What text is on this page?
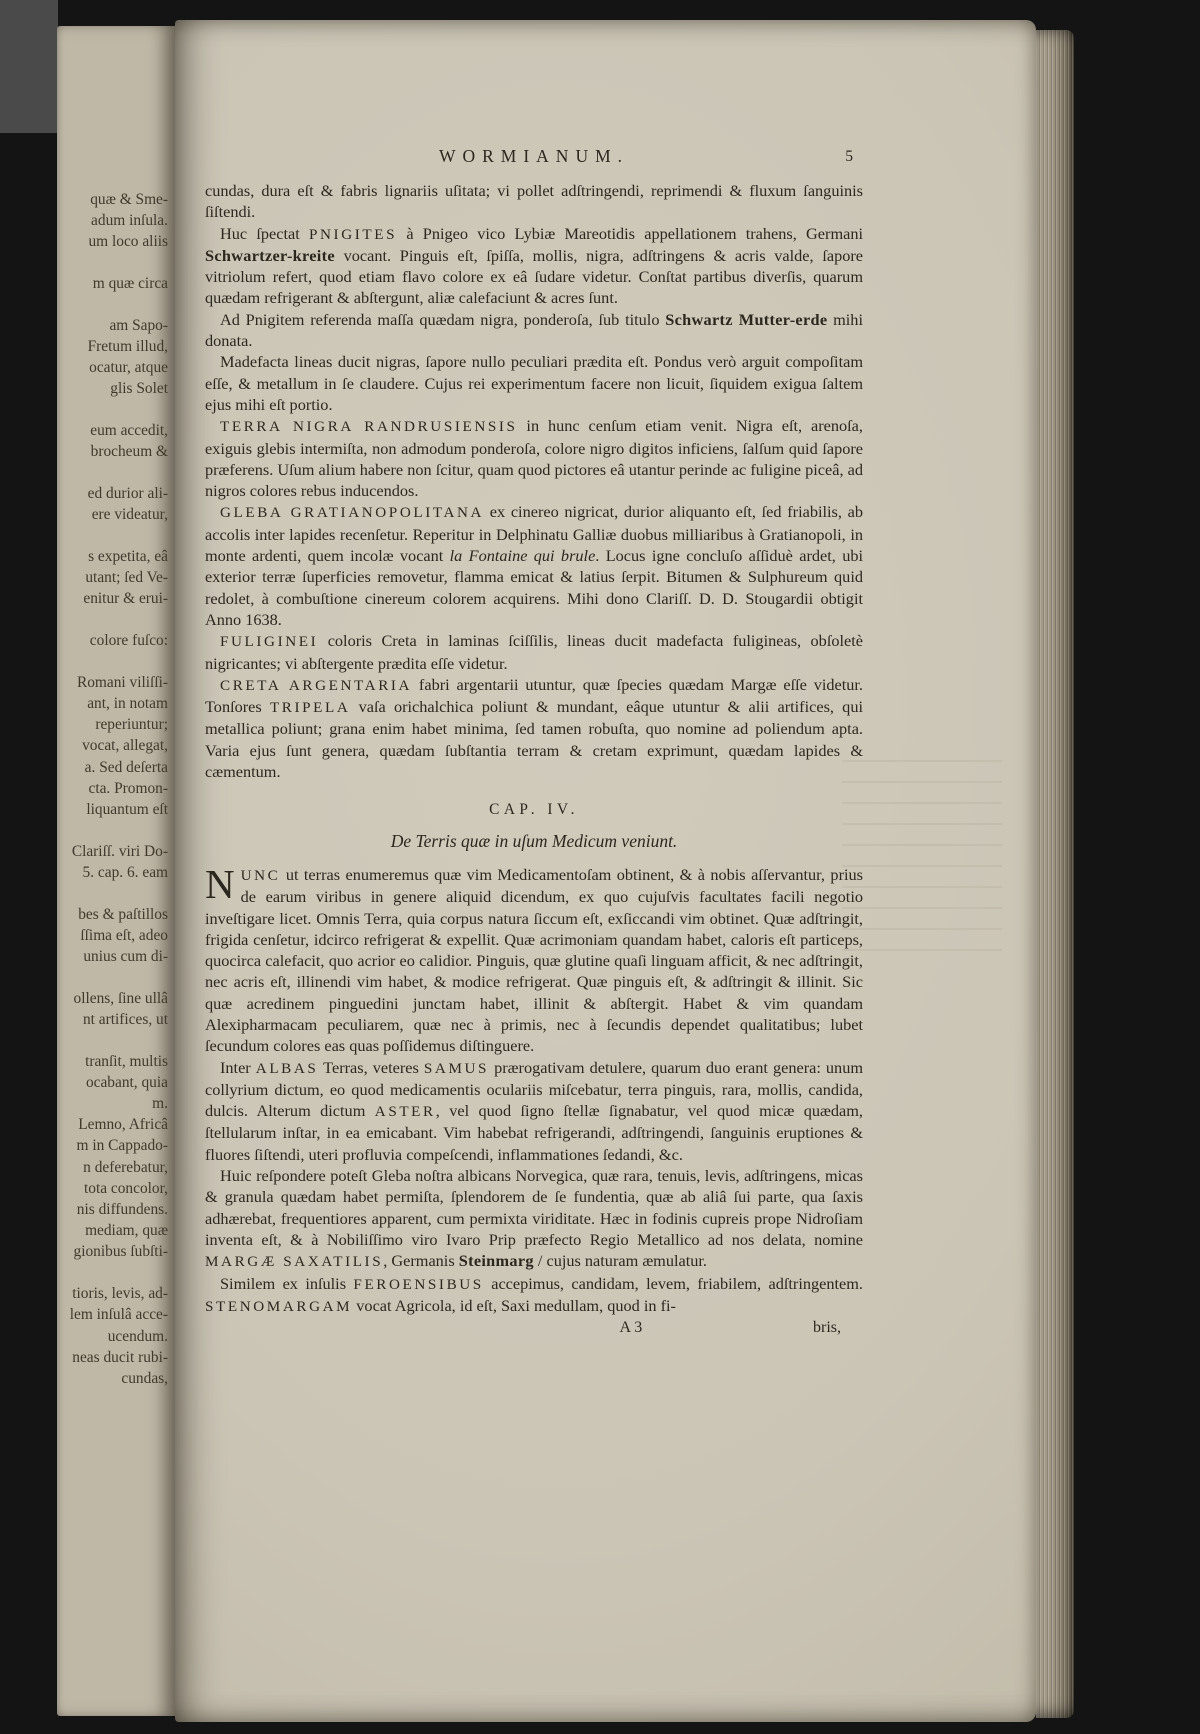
quæ & Sme-
adum inſula.
um loco aliis
m quæ circa
am Sapo-
Fretum illud,
ocatur, atque
glis Solet
eum accedit,
brocheum &
ed durior ali-
ere videatur,
s expetita, eâ
utant; ſed Ve-
enitur & erui-
colore fuſco:
Romani viliſſi-
ant, in notam
reperiuntur;
vocat, allegat,
a. Sed deſerta
cta. Promon-
liquantum eſt
Clariſſ. viri Do-
5. cap. 6. eam
bes & paſtillos
ſſima eſt, adeo
unius cum di-
ollens, ſine ullâ
nt artifices, ut
tranſit, multis
ocabant, quia
m.
Lemno, Africâ
m in Cappado-
n deferebatur,
tota concolor,
nis diffundens.
mediam, quæ
gionibus ſubſti-
tioris, levis, ad-
lem inſulâ acce-
ucendum.
neas ducit rubi-
cundas,
WORMIANUM.	5

cundas, dura eſt & fabris lignariis uſitata; vi pollet adſtringendi, reprimendi & fluxum ſanguinis ſiſtendi.

Huc ſpectat PNIGITES à Pnigeo vico Lybiæ Mareotidis appellationem trahens, Germani Schwartzer-kreite vocant. Pinguis eſt, ſpiſſa, mollis, nigra, adſtringens & acris valde, ſapore vitriolum refert, quod etiam flavo colore ex eâ ſudare videtur. Conſtat partibus diverſis, quarum quædam refrigerant & abſtergunt, aliæ calefaciunt & acres ſunt.

Ad Pnigitem referenda maſſa quædam nigra, ponderoſa, ſub titulo Schwartz Mutter-erde mihi donata.

Madefacta lineas ducit nigras, ſapore nullo peculiari prædita eſt. Pondus verò arguit compoſitam eſſe, & metallum in ſe claudere. Cujus rei experimentum facere non licuit, ſiquidem exigua ſaltem ejus mihi eſt portio.

TERRA NIGRA RANDRUSIENSIS in hunc cenſum etiam venit. Nigra eſt, arenoſa, exiguis glebis intermiſta, non admodum ponderoſa, colore nigro digitos inficiens, ſalſum quid ſapore præferens. Uſum alium habere non ſcitur, quam quod pictores eâ utantur perinde ac fuligine piceâ, ad nigros colores rebus inducendos.

GLEBA GRATIANOPOLITANA ex cinereo nigricat, durior aliquanto eſt, ſed friabilis, ab accolis inter lapides recenſetur. Reperitur in Delphinatu Galliæ duobus milliaribus à Gratianopoli, in monte ardenti, quem incolæ vocant la Fontaine qui brule. Locus igne concluſo aſſiduè ardet, ubi exterior terræ ſuperficies removetur, flamma emicat & latius ſerpit. Bitumen & Sulphureum quid redolet, à combuſtione cinereum colorem acquirens. Mihi dono Clariſſ. D. D. Stougardii obtigit Anno 1638.

FULIGINEI coloris Creta in laminas ſciſſilis, lineas ducit madefacta fuligineas, obſoletè nigricantes; vi abſtergente prædita eſſe videtur.

CRETA ARGENTARIA fabri argentarii utuntur, quæ ſpecies quædam Margæ eſſe videtur. Tonſores TRIPELA vaſa orichalchica poliunt & mundant, eâque utuntur & alii artifices, qui metallica poliunt; grana enim habet minima, ſed tamen robuſta, quo nomine ad poliendum apta. Varia ejus ſunt genera, quædam ſubſtantia terram & cretam exprimunt, quædam lapides & cæmentum.

CAP. IV.
De Terris quæ in uſum Medicum veniunt.

N UNC ut terras enumeremus quæ vim Medicamentoſam obtinent, & à nobis aſſervantur, prius de earum viribus in genere aliquid dicendum, ex quo cujuſvis facultates facili negotio inveſtigare licet. Omnis Terra, quia corpus natura ſiccum eſt, exſiccandi vim obtinet. Quæ adſtringit, frigida cenſetur, idcirco refrigerat & expellit. Quæ acrimoniam quandam habet, caloris eſt particeps, quocirca calefacit, quo acrior eo calidior. Pinguis, quæ glutine quaſi linguam afficit, & nec adſtringit, nec acris eſt, illinendi vim habet, & modice refrigerat. Quæ pinguis eſt, & adſtringit & illinit. Sic quæ acredinem pinguedini junctam habet, illinit & abſtergit. Habet & vim quandam Alexipharmacam peculiarem, quæ nec à primis, nec à ſecundis dependet qualitatibus; lubet ſecundum colores eas quas poſſidemus diſtinguere.

Inter ALBAS Terras, veteres SAMUS prærogativam detulere, quarum duo erant genera: unum collyrium dictum, eo quod medicamentis oculariis miſcebatur, terra pinguis, rara, mollis, candida, dulcis. Alterum dictum ASTER, vel quod ſigno ſtellæ ſignabatur, vel quod micæ quædam, ſtellularum inſtar, in ea emicabant. Vim habebat refrigerandi, adſtringendi, ſanguinis eruptiones & fluores ſiſtendi, uteri profluvia compeſcendi, inflammationes ſedandi, &c.

Huic reſpondere poteſt Gleba noſtra albicans Norvegica, quæ rara, tenuis, levis, adſtringens, micas & granula quædam habet permiſta, ſplendorem de ſe fundentia, quæ ab aliâ ſui parte, qua ſaxis adhærebat, frequentiores apparent, cum permixta viriditate. Hæc in fodinis cupreis prope Nidroſiam inventa eſt, & à Nobiliſſimo viro Ivaro Prip præfecto Regio Metallico ad nos delata, nomine MARGÆ SAXATILIS, Germanis Steinmarg / cujus naturam æmulatur.

Similem ex inſulis FEROENSIBUS accepimus, candidam, levem, friabilem, adſtringentem. STENOMARGAM vocat Agricola, id eſt, Saxi medullam, quod in fi-

A 3	bris,
